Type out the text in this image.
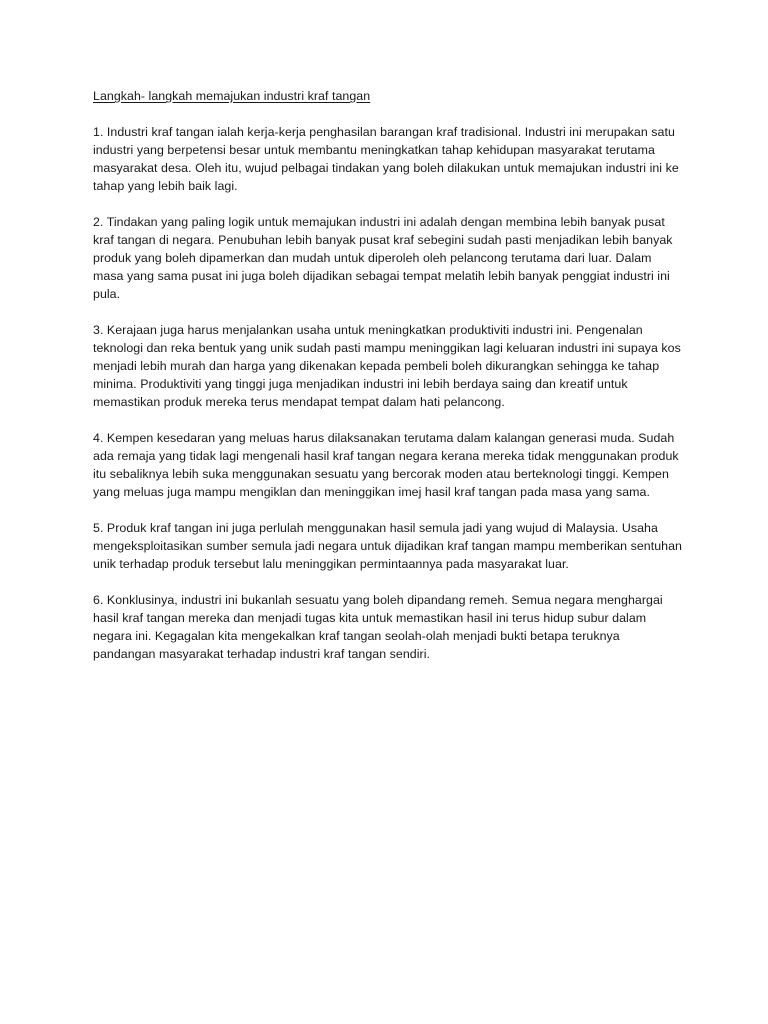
Langkah- langkah memajukan industri kraf tangan

1. Industri kraf tangan ialah kerja-kerja penghasilan barangan kraf tradisional. Industri ini merupakan satu industri yang berpetensi besar untuk membantu meningkatkan tahap kehidupan masyarakat terutama masyarakat desa. Oleh itu, wujud pelbagai tindakan yang boleh dilakukan untuk memajukan industri ini ke tahap yang lebih baik lagi.

2. Tindakan yang paling logik untuk memajukan industri ini adalah dengan membina lebih banyak pusat kraf tangan di negara. Penubuhan lebih banyak pusat kraf sebegini sudah pasti menjadikan lebih banyak produk yang boleh dipamerkan dan mudah untuk diperoleh oleh pelancong terutama dari luar. Dalam masa yang sama pusat ini juga boleh dijadikan sebagai tempat melatih lebih banyak penggiat industri ini pula.

3. Kerajaan juga harus menjalankan usaha untuk meningkatkan produktiviti industri ini. Pengenalan teknologi dan reka bentuk yang unik sudah pasti mampu meninggikan lagi keluaran industri ini supaya kos menjadi lebih murah dan harga yang dikenakan kepada pembeli boleh dikurangkan sehingga ke tahap minima. Produktiviti yang tinggi juga menjadikan industri ini lebih berdaya saing dan kreatif untuk memastikan produk mereka terus mendapat tempat dalam hati pelancong.

4. Kempen kesedaran yang meluas harus dilaksanakan terutama dalam kalangan generasi muda. Sudah ada remaja yang tidak lagi mengenali hasil kraf tangan negara kerana mereka tidak menggunakan produk itu sebaliknya lebih suka menggunakan sesuatu yang bercorak moden atau berteknologi tinggi. Kempen yang meluas juga mampu mengiklan dan meninggikan imej hasil kraf tangan pada masa yang sama.

5. Produk kraf tangan ini juga perlulah menggunakan hasil semula jadi yang wujud di Malaysia. Usaha mengeksploitasikan sumber semula jadi negara untuk dijadikan kraf tangan mampu memberikan sentuhan unik terhadap produk tersebut lalu meninggikan permintaannya pada masyarakat luar.

6. Konklusinya, industri ini bukanlah sesuatu yang boleh dipandang remeh. Semua negara menghargai hasil kraf tangan mereka dan menjadi tugas kita untuk memastikan hasil ini terus hidup subur dalam negara ini. Kegagalan kita mengekalkan kraf tangan seolah-olah menjadi bukti betapa teruknya pandangan masyarakat terhadap industri kraf tangan sendiri.
